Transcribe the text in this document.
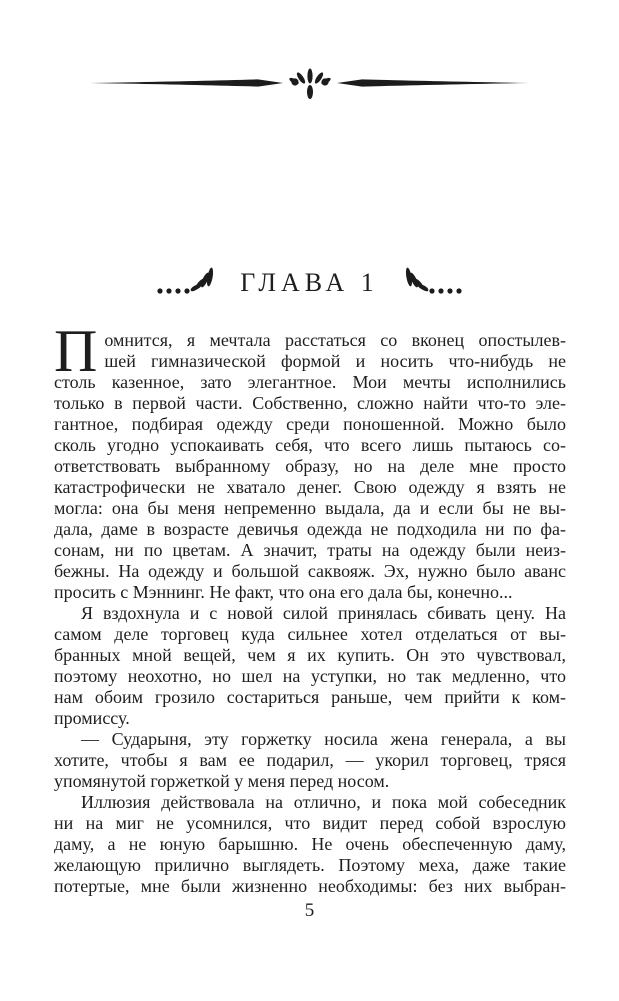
ГЛАВА 1
П омнится, я мечтала расстаться со вконец опостылев-
шей гимназической формой и носить что-нибудь не
столь казенное, зато элегантное. Мои мечты исполнились
только в первой части. Собственно, сложно найти что-то эле-
гантное, подбирая одежду среди поношенной. Можно было
сколь угодно успокаивать себя, что всего лишь пытаюсь со-
ответствовать выбранному образу, но на деле мне просто
катастрофически не хватало денег. Свою одежду я взять не
могла: она бы меня непременно выдала, да и если бы не вы-
дала, даме в возрасте девичья одежда не подходила ни по фа-
сонам, ни по цветам. А значит, траты на одежду были неиз-
бежны. На одежду и большой саквояж. Эх, нужно было аванс
просить с Мэннинг. Не факт, что она его дала бы, конечно...
Я вздохнула и с новой силой принялась сбивать цену. На
самом деле торговец куда сильнее хотел отделаться от вы-
бранных мной вещей, чем я их купить. Он это чувствовал,
поэтому неохотно, но шел на уступки, но так медленно, что
нам обоим грозило состариться раньше, чем прийти к ком-
промиссу.
— Сударыня, эту горжетку носила жена генерала, а вы
хотите, чтобы я вам ее подарил, — укорил торговец, тряся
упомянутой горжеткой у меня перед носом.
Иллюзия действовала на отлично, и пока мой собеседник
ни на миг не усомнился, что видит перед собой взрослую
даму, а не юную барышню. Не очень обеспеченную даму,
желающую прилично выглядеть. Поэтому меха, даже такие
потертые, мне были жизненно необходимы: без них выбран-
5
